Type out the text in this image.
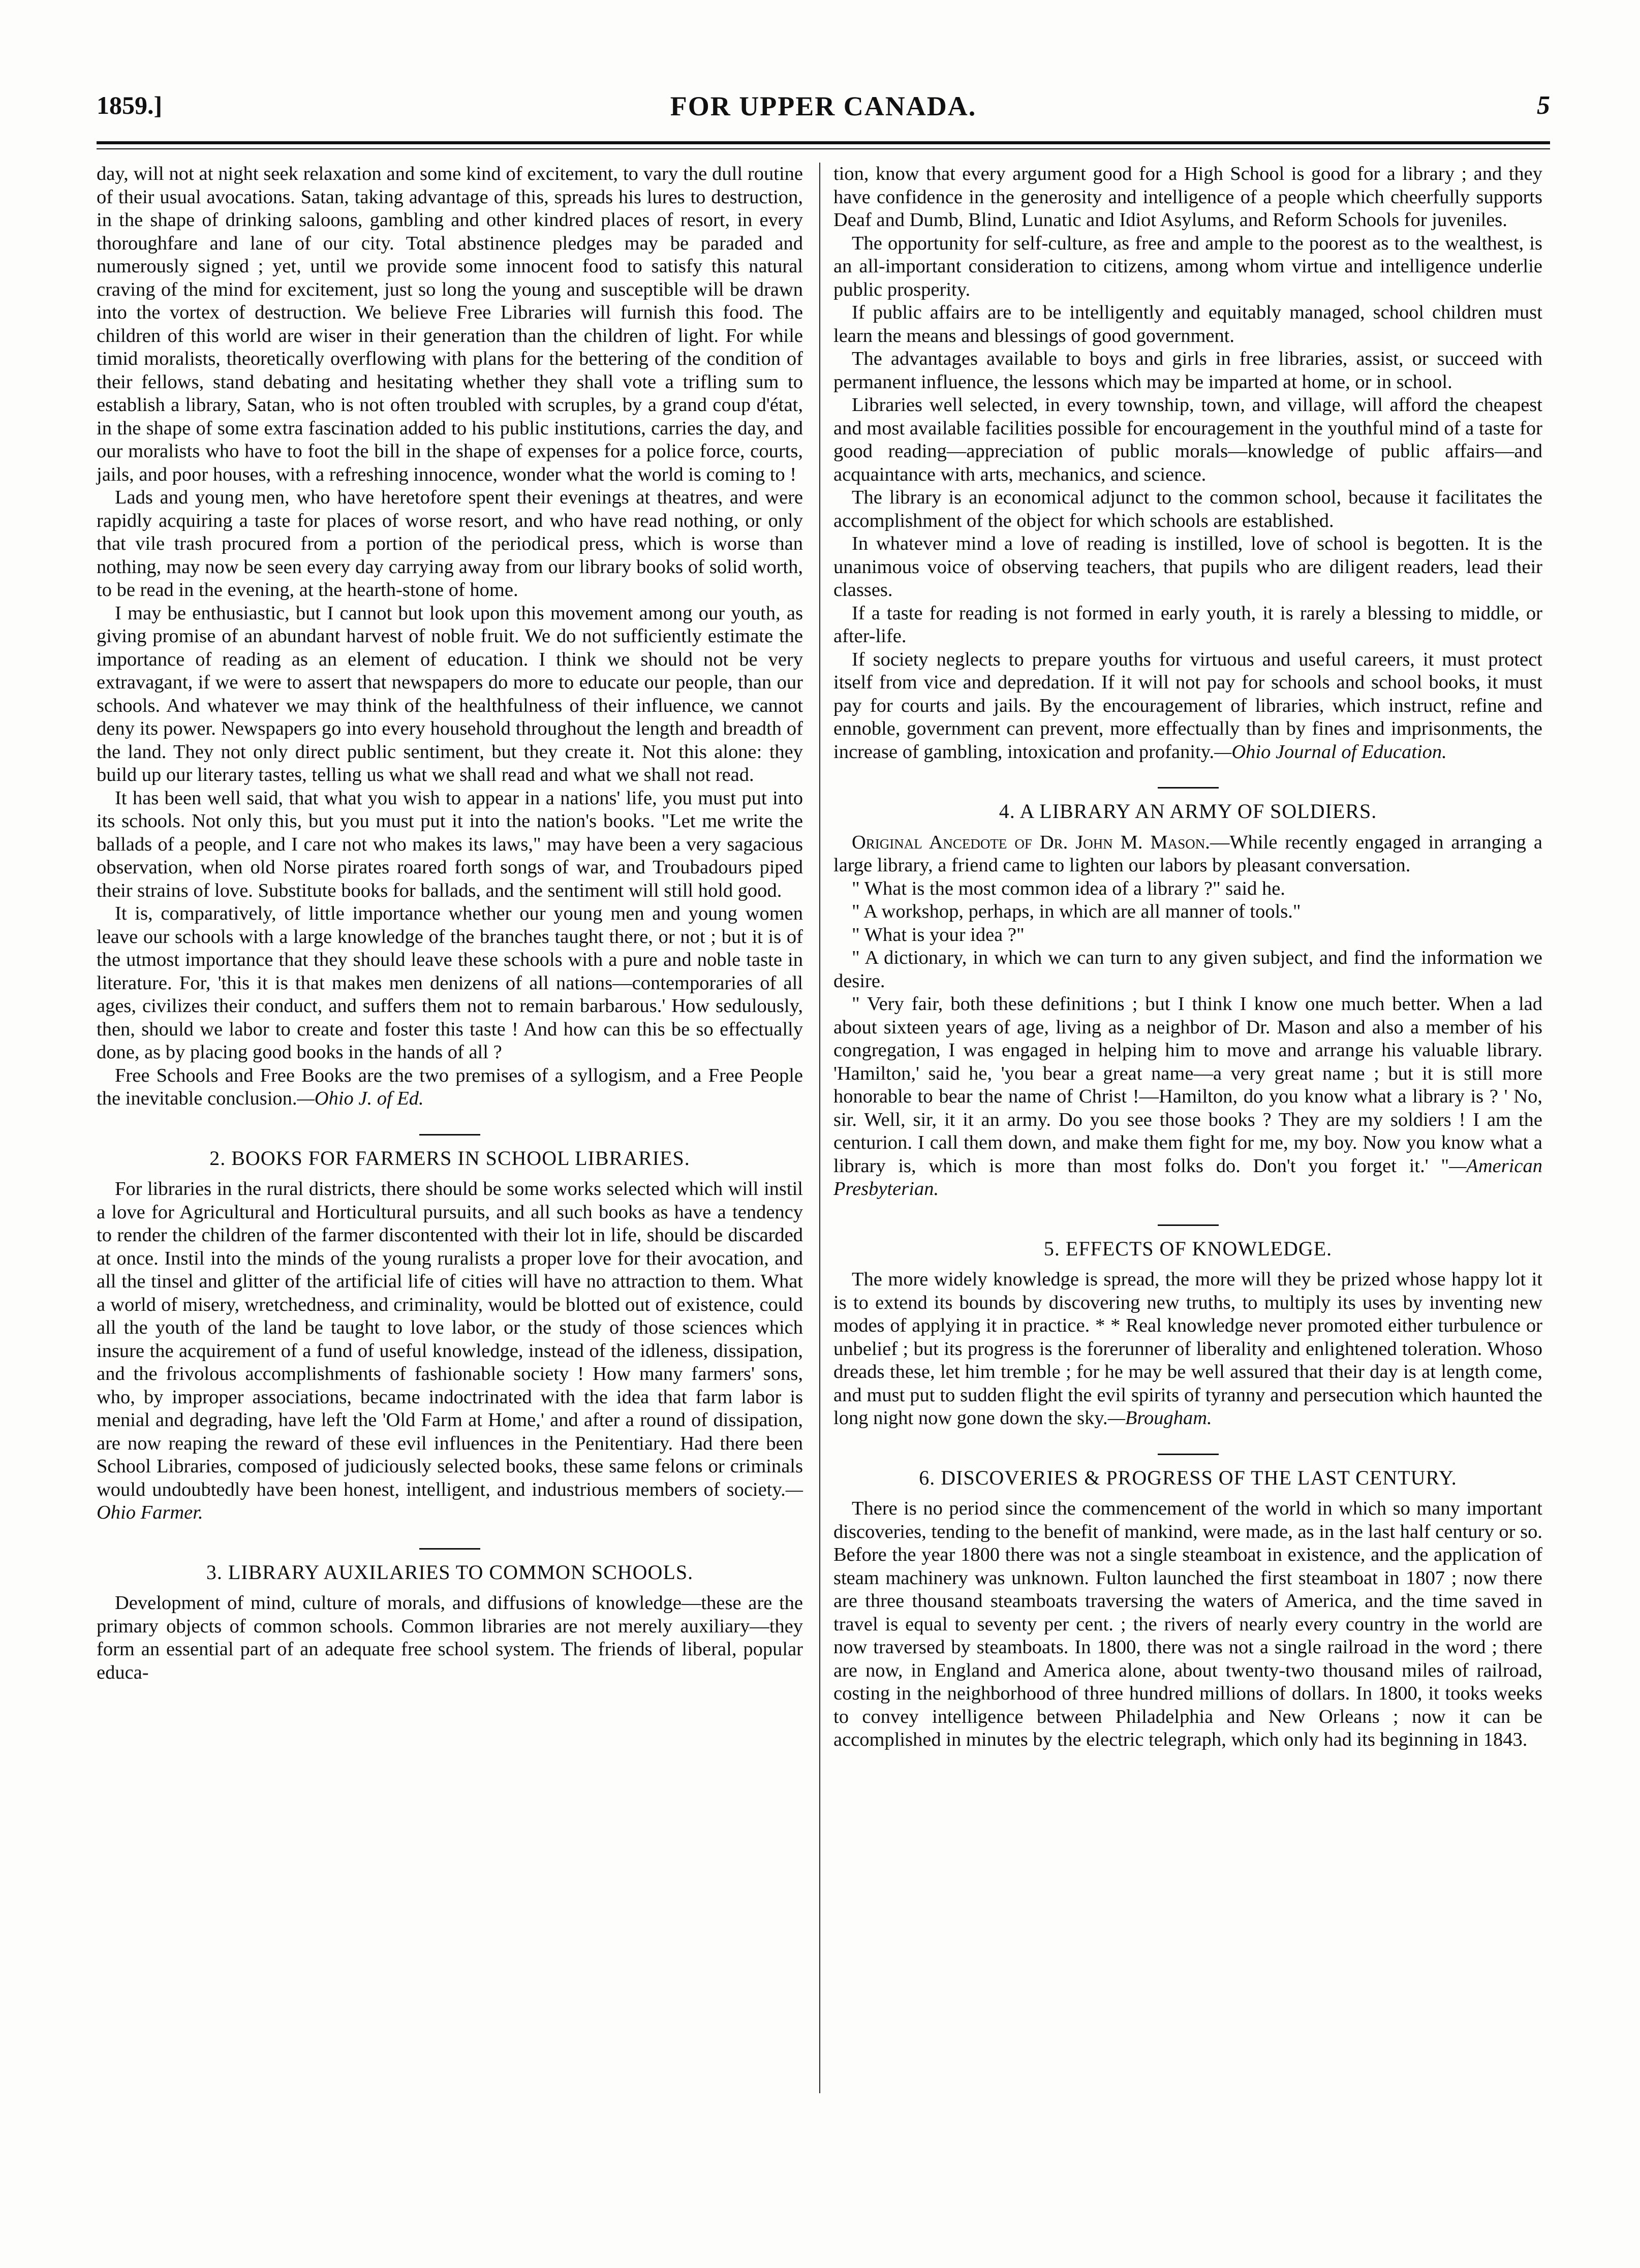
1859.]	FOR UPPER CANADA.	5

day, will not at night seek relaxation and some kind of excitement, to vary the dull routine of their usual avocations. Satan, taking advantage of this, spreads his lures to destruction, in the shape of drinking saloons, gambling and other kindred places of resort, in every thoroughfare and lane of our city. Total abstinence pledges may be paraded and numerously signed ; yet, until we provide some innocent food to satisfy this natural craving of the mind for excitement, just so long the young and susceptible will be drawn into the vortex of destruction. We believe Free Libraries will furnish this food. The children of this world are wiser in their generation than the children of light. For while timid moralists, theoretically overflowing with plans for the bettering of the condition of their fellows, stand debating and hesitating whether they shall vote a trifling sum to establish a library, Satan, who is not often troubled with scruples, by a grand coup d'état, in the shape of some extra fascination added to his public institutions, carries the day, and our moralists who have to foot the bill in the shape of expenses for a police force, courts, jails, and poor houses, with a refreshing innocence, wonder what the world is coming to !

Lads and young men, who have heretofore spent their evenings at theatres, and were rapidly acquiring a taste for places of worse resort, and who have read nothing, or only that vile trash procured from a portion of the periodical press, which is worse than nothing, may now be seen every day carrying away from our library books of solid worth, to be read in the evening, at the hearth-stone of home.

I may be enthusiastic, but I cannot but look upon this movement among our youth, as giving promise of an abundant harvest of noble fruit. We do not sufficiently estimate the importance of reading as an element of education. I think we should not be very extravagant, if we were to assert that newspapers do more to educate our people, than our schools. And whatever we may think of the healthfulness of their influence, we cannot deny its power. Newspapers go into every household throughout the length and breadth of the land. They not only direct public sentiment, but they create it. Not this alone: they build up our literary tastes, telling us what we shall read and what we shall not read.

It has been well said, that what you wish to appear in a nations' life, you must put into its schools. Not only this, but you must put it into the nation's books. "Let me write the ballads of a people, and I care not who makes its laws," may have been a very sagacious observation, when old Norse pirates roared forth songs of war, and Troubadours piped their strains of love. Substitute books for ballads, and the sentiment will still hold good.

It is, comparatively, of little importance whether our young men and young women leave our schools with a large knowledge of the branches taught there, or not ; but it is of the utmost importance that they should leave these schools with a pure and noble taste in literature. For, 'this it is that makes men denizens of all nations—contemporaries of all ages, civilizes their conduct, and suffers them not to remain barbarous.' How sedulously, then, should we labor to create and foster this taste ! And how can this be so effectually done, as by placing good books in the hands of all ?

Free Schools and Free Books are the two premises of a syllogism, and a Free People the inevitable conclusion.—Ohio J. of Ed.

2. BOOKS FOR FARMERS IN SCHOOL LIBRARIES.

For libraries in the rural districts, there should be some works selected which will instil a love for Agricultural and Horticultural pursuits, and all such books as have a tendency to render the children of the farmer discontented with their lot in life, should be discarded at once. Instil into the minds of the young ruralists a proper love for their avocation, and all the tinsel and glitter of the artificial life of cities will have no attraction to them. What a world of misery, wretchedness, and criminality, would be blotted out of existence, could all the youth of the land be taught to love labor, or the study of those sciences which insure the acquirement of a fund of useful knowledge, instead of the idleness, dissipation, and the frivolous accomplishments of fashionable society ! How many farmers' sons, who, by improper associations, became indoctrinated with the idea that farm labor is menial and degrading, have left the 'Old Farm at Home,' and after a round of dissipation, are now reaping the reward of these evil influences in the Penitentiary. Had there been School Libraries, composed of judiciously selected books, these same felons or criminals would undoubtedly have been honest, intelligent, and industrious members of society.—Ohio Farmer.

3. LIBRARY AUXILARIES TO COMMON SCHOOLS.

Development of mind, culture of morals, and diffusions of knowledge—these are the primary objects of common schools. Common libraries are not merely auxiliary—they form an essential part of an adequate free school system. The friends of liberal, popular educa-

tion, know that every argument good for a High School is good for a library ; and they have confidence in the generosity and intelligence of a people which cheerfully supports Deaf and Dumb, Blind, Lunatic and Idiot Asylums, and Reform Schools for juveniles.

The opportunity for self-culture, as free and ample to the poorest as to the wealthest, is an all-important consideration to citizens, among whom virtue and intelligence underlie public prosperity.

If public affairs are to be intelligently and equitably managed, school children must learn the means and blessings of good government.

The advantages available to boys and girls in free libraries, assist, or succeed with permanent influence, the lessons which may be imparted at home, or in school.

Libraries well selected, in every township, town, and village, will afford the cheapest and most available facilities possible for encouragement in the youthful mind of a taste for good reading—appreciation of public morals—knowledge of public affairs—and acquaintance with arts, mechanics, and science.

The library is an economical adjunct to the common school, because it facilitates the accomplishment of the object for which schools are established.

In whatever mind a love of reading is instilled, love of school is begotten. It is the unanimous voice of observing teachers, that pupils who are diligent readers, lead their classes.

If a taste for reading is not formed in early youth, it is rarely a blessing to middle, or after-life.

If society neglects to prepare youths for virtuous and useful careers, it must protect itself from vice and depredation. If it will not pay for schools and school books, it must pay for courts and jails. By the encouragement of libraries, which instruct, refine and ennoble, government can prevent, more effectually than by fines and imprisonments, the increase of gambling, intoxication and profanity.—Ohio Journal of Education.

4. A LIBRARY AN ARMY OF SOLDIERS.

Original Ancedote of Dr. John M. Mason.—While recently engaged in arranging a large library, a friend came to lighten our labors by pleasant conversation.

" What is the most common idea of a library ?" said he.

" A workshop, perhaps, in which are all manner of tools."

" What is your idea ?"

" A dictionary, in which we can turn to any given subject, and find the information we desire.

" Very fair, both these definitions ; but I think I know one much better. When a lad about sixteen years of age, living as a neighbor of Dr. Mason and also a member of his congregation, I was engaged in helping him to move and arrange his valuable library. 'Hamilton,' said he, 'you bear a great name—a very great name ; but it is still more honorable to bear the name of Christ !—Hamilton, do you know what a library is ? ' No, sir. Well, sir, it it an army. Do you see those books ? They are my soldiers ! I am the centurion. I call them down, and make them fight for me, my boy. Now you know what a library is, which is more than most folks do. Don't you forget it.' "—American Presbyterian.

5. EFFECTS OF KNOWLEDGE.

The more widely knowledge is spread, the more will they be prized whose happy lot it is to extend its bounds by discovering new truths, to multiply its uses by inventing new modes of applying it in practice. * * Real knowledge never promoted either turbulence or unbelief ; but its progress is the forerunner of liberality and enlightened toleration. Whoso dreads these, let him tremble ; for he may be well assured that their day is at length come, and must put to sudden flight the evil spirits of tyranny and persecution which haunted the long night now gone down the sky.—Brougham.

6. DISCOVERIES & PROGRESS OF THE LAST CENTURY.

There is no period since the commencement of the world in which so many important discoveries, tending to the benefit of mankind, were made, as in the last half century or so. Before the year 1800 there was not a single steamboat in existence, and the application of steam machinery was unknown. Fulton launched the first steamboat in 1807 ; now there are three thousand steamboats traversing the waters of America, and the time saved in travel is equal to seventy per cent. ; the rivers of nearly every country in the world are now traversed by steamboats. In 1800, there was not a single railroad in the word ; there are now, in England and America alone, about twenty-two thousand miles of railroad, costing in the neighborhood of three hundred millions of dollars. In 1800, it tooks weeks to convey intelligence between Philadelphia and New Orleans ; now it can be accomplished in minutes by the electric telegraph, which only had its beginning in 1843.
